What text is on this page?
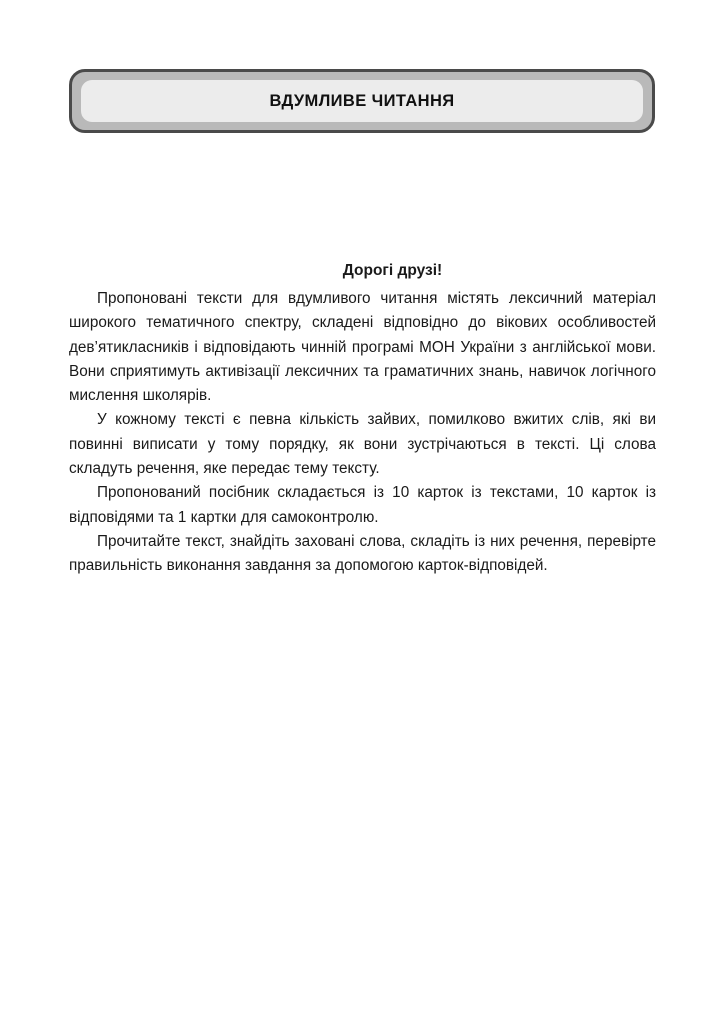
ВДУМЛИВЕ ЧИТАННЯ

Дорогі друзі!

Пропоновані тексти для вдумливого читання містять лексичний матеріал широкого тематичного спектру, складені відповідно до вікових особливостей дев’ятикласників і відповідають чинній програмі МОН України з англійської мови. Вони сприятимуть активізації лексичних та граматичних знань, навичок логічного мислення школярів.

У кожному тексті є певна кількість зайвих, помилково вжитих слів, які ви повинні виписати у тому порядку, як вони зустрічаються в тексті. Ці слова складуть речення, яке передає тему тексту.

Пропонований посібник складається із 10 карток із текстами, 10 карток із відповідями та 1 картки для самоконтролю.

Прочитайте текст, знайдіть заховані слова, складіть із них речення, перевірте правильність виконання завдання за допомогою карток-відповідей.
